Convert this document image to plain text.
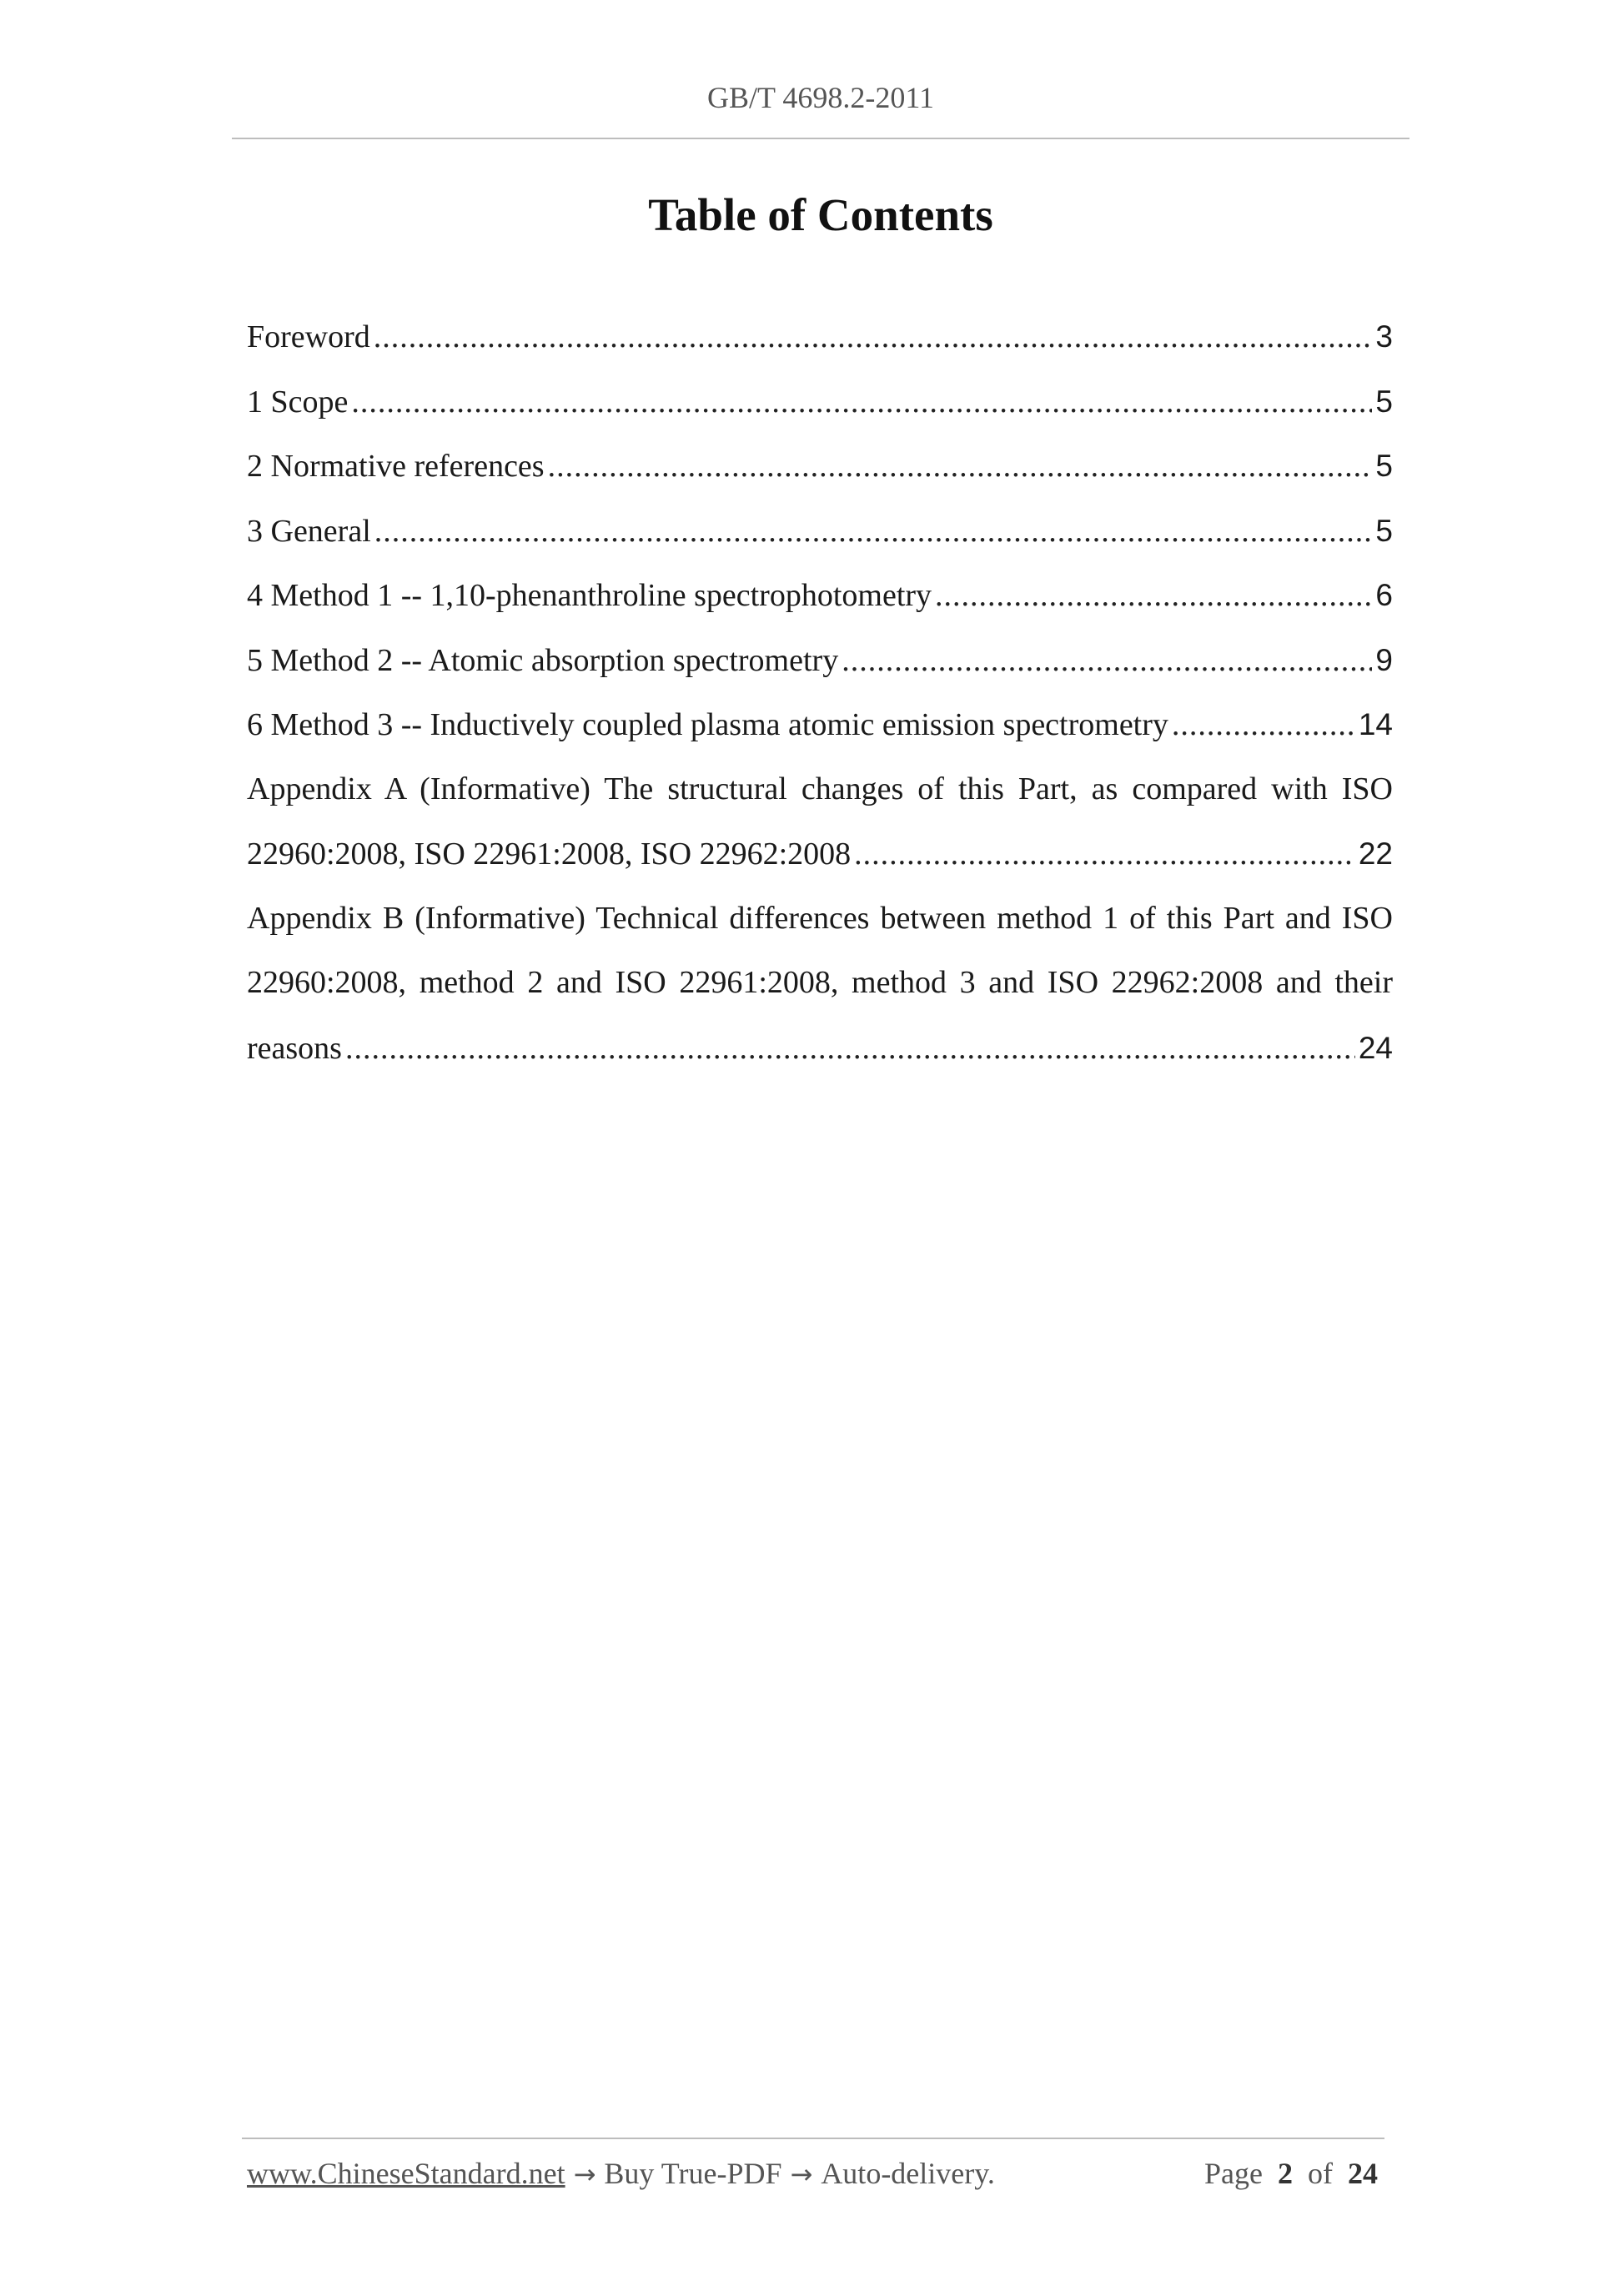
GB/T 4698.2-2011
Table of Contents
Foreword .....	3
1 Scope .....	5
2 Normative references .....	5
3 General .....	5
4 Method 1 -- 1,10-phenanthroline spectrophotometry .....	6
5 Method 2 -- Atomic absorption spectrometry .....	9
6 Method 3 -- Inductively coupled plasma atomic emission spectrometry .....	14
Appendix A (Informative) The structural changes of this Part, as compared with ISO
22960:2008, ISO 22961:2008, ISO 22962:2008 .....	22
Appendix B (Informative) Technical differences between method 1 of this Part and ISO
22960:2008, method 2 and ISO 22961:2008, method 3 and ISO 22962:2008 and their
reasons .....	24
www.ChineseStandard.net → Buy True-PDF → Auto-delivery.	Page 2 of 24
